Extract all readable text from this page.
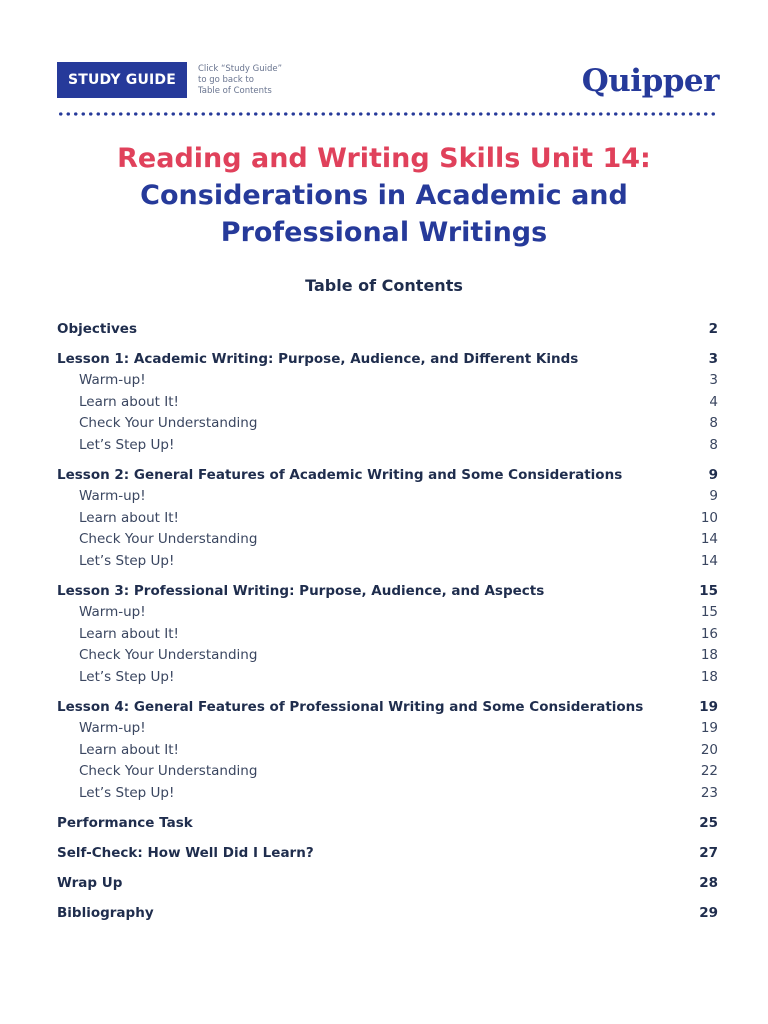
STUDY GUIDE
Click “Study Guide”
to go back to
Table of Contents	Quipper
Reading and Writing Skills Unit 14:
Considerations in Academic and
Professional Writings
Table of Contents
Objectives	2
Lesson 1: Academic Writing: Purpose, Audience, and Different Kinds	3
Warm-up!	3
Learn about It!	4
Check Your Understanding	8
Let’s Step Up!	8
Lesson 2: General Features of Academic Writing and Some Considerations	9
Warm-up!	9
Learn about It!	10
Check Your Understanding	14
Let’s Step Up!	14
Lesson 3: Professional Writing: Purpose, Audience, and Aspects	15
Warm-up!	15
Learn about It!	16
Check Your Understanding	18
Let’s Step Up!	18
Lesson 4: General Features of Professional Writing and Some Considerations	19
Warm-up!	19
Learn about It!	20
Check Your Understanding	22
Let’s Step Up!	23
Performance Task	25
Self-Check: How Well Did I Learn?	27
Wrap Up	28
Bibliography	29
